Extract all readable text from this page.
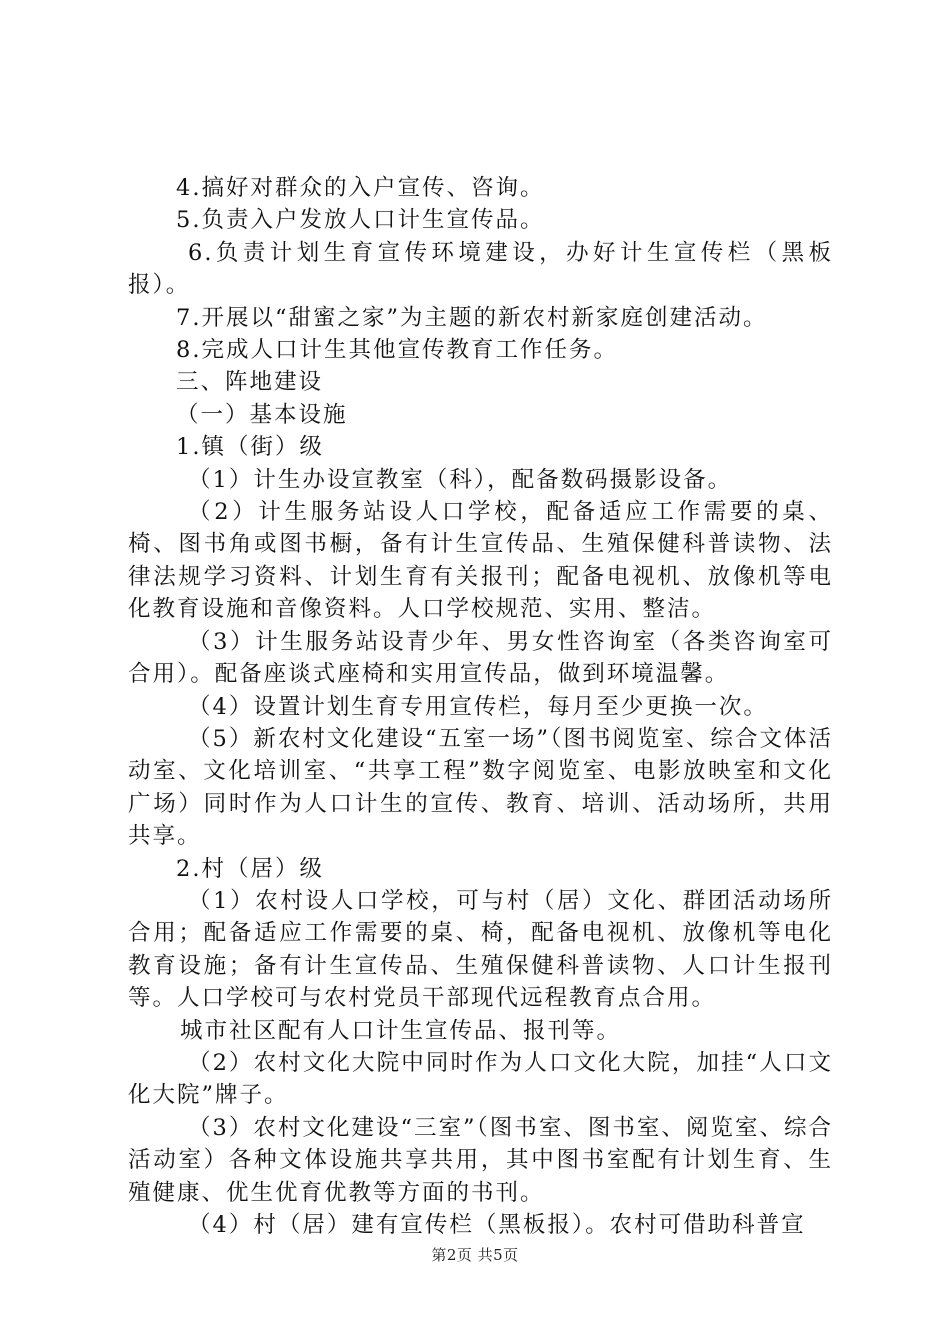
4.搞好对群众的入户宣传、咨询。

5.负责入户发放人口计生宣传品。

6.负责计划生育宣传环境建设，办好计生宣传栏（黑板报）。

7.开展以“甜蜜之家”为主题的新农村新家庭创建活动。

8.完成人口计生其他宣传教育工作任务。

三、阵地建设

（一）基本设施

1.镇（街）级

（1）计生办设宣教室（科），配备数码摄影设备。

（2）计生服务站设人口学校，配备适应工作需要的桌、椅、图书角或图书橱，备有计生宣传品、生殖保健科普读物、法律法规学习资料、计划生育有关报刊；配备电视机、放像机等电化教育设施和音像资料。人口学校规范、实用、整洁。

（3）计生服务站设青少年、男女性咨询室（各类咨询室可合用）。配备座谈式座椅和实用宣传品，做到环境温馨。

（4）设置计划生育专用宣传栏，每月至少更换一次。

（5）新农村文化建设“五室一场”（图书阅览室、综合文体活动室、文化培训室、“共享工程”数字阅览室、电影放映室和文化广场）同时作为人口计生的宣传、教育、培训、活动场所，共用共享。

2.村（居）级

（1）农村设人口学校，可与村（居）文化、群团活动场所合用；配备适应工作需要的桌、椅，配备电视机、放像机等电化教育设施；备有计生宣传品、生殖保健科普读物、人口计生报刊等。人口学校可与农村党员干部现代远程教育点合用。

城市社区配有人口计生宣传品、报刊等。

（2）农村文化大院中同时作为人口文化大院，加挂“人口文化大院”牌子。

（3）农村文化建设“三室”（图书室、图书室、阅览室、综合活动室）各种文体设施共享共用，其中图书室配有计划生育、生殖健康、优生优育优教等方面的书刊。

（4）村（居）建有宣传栏（黑板报）。农村可借助科普宣

第2页 共5页
